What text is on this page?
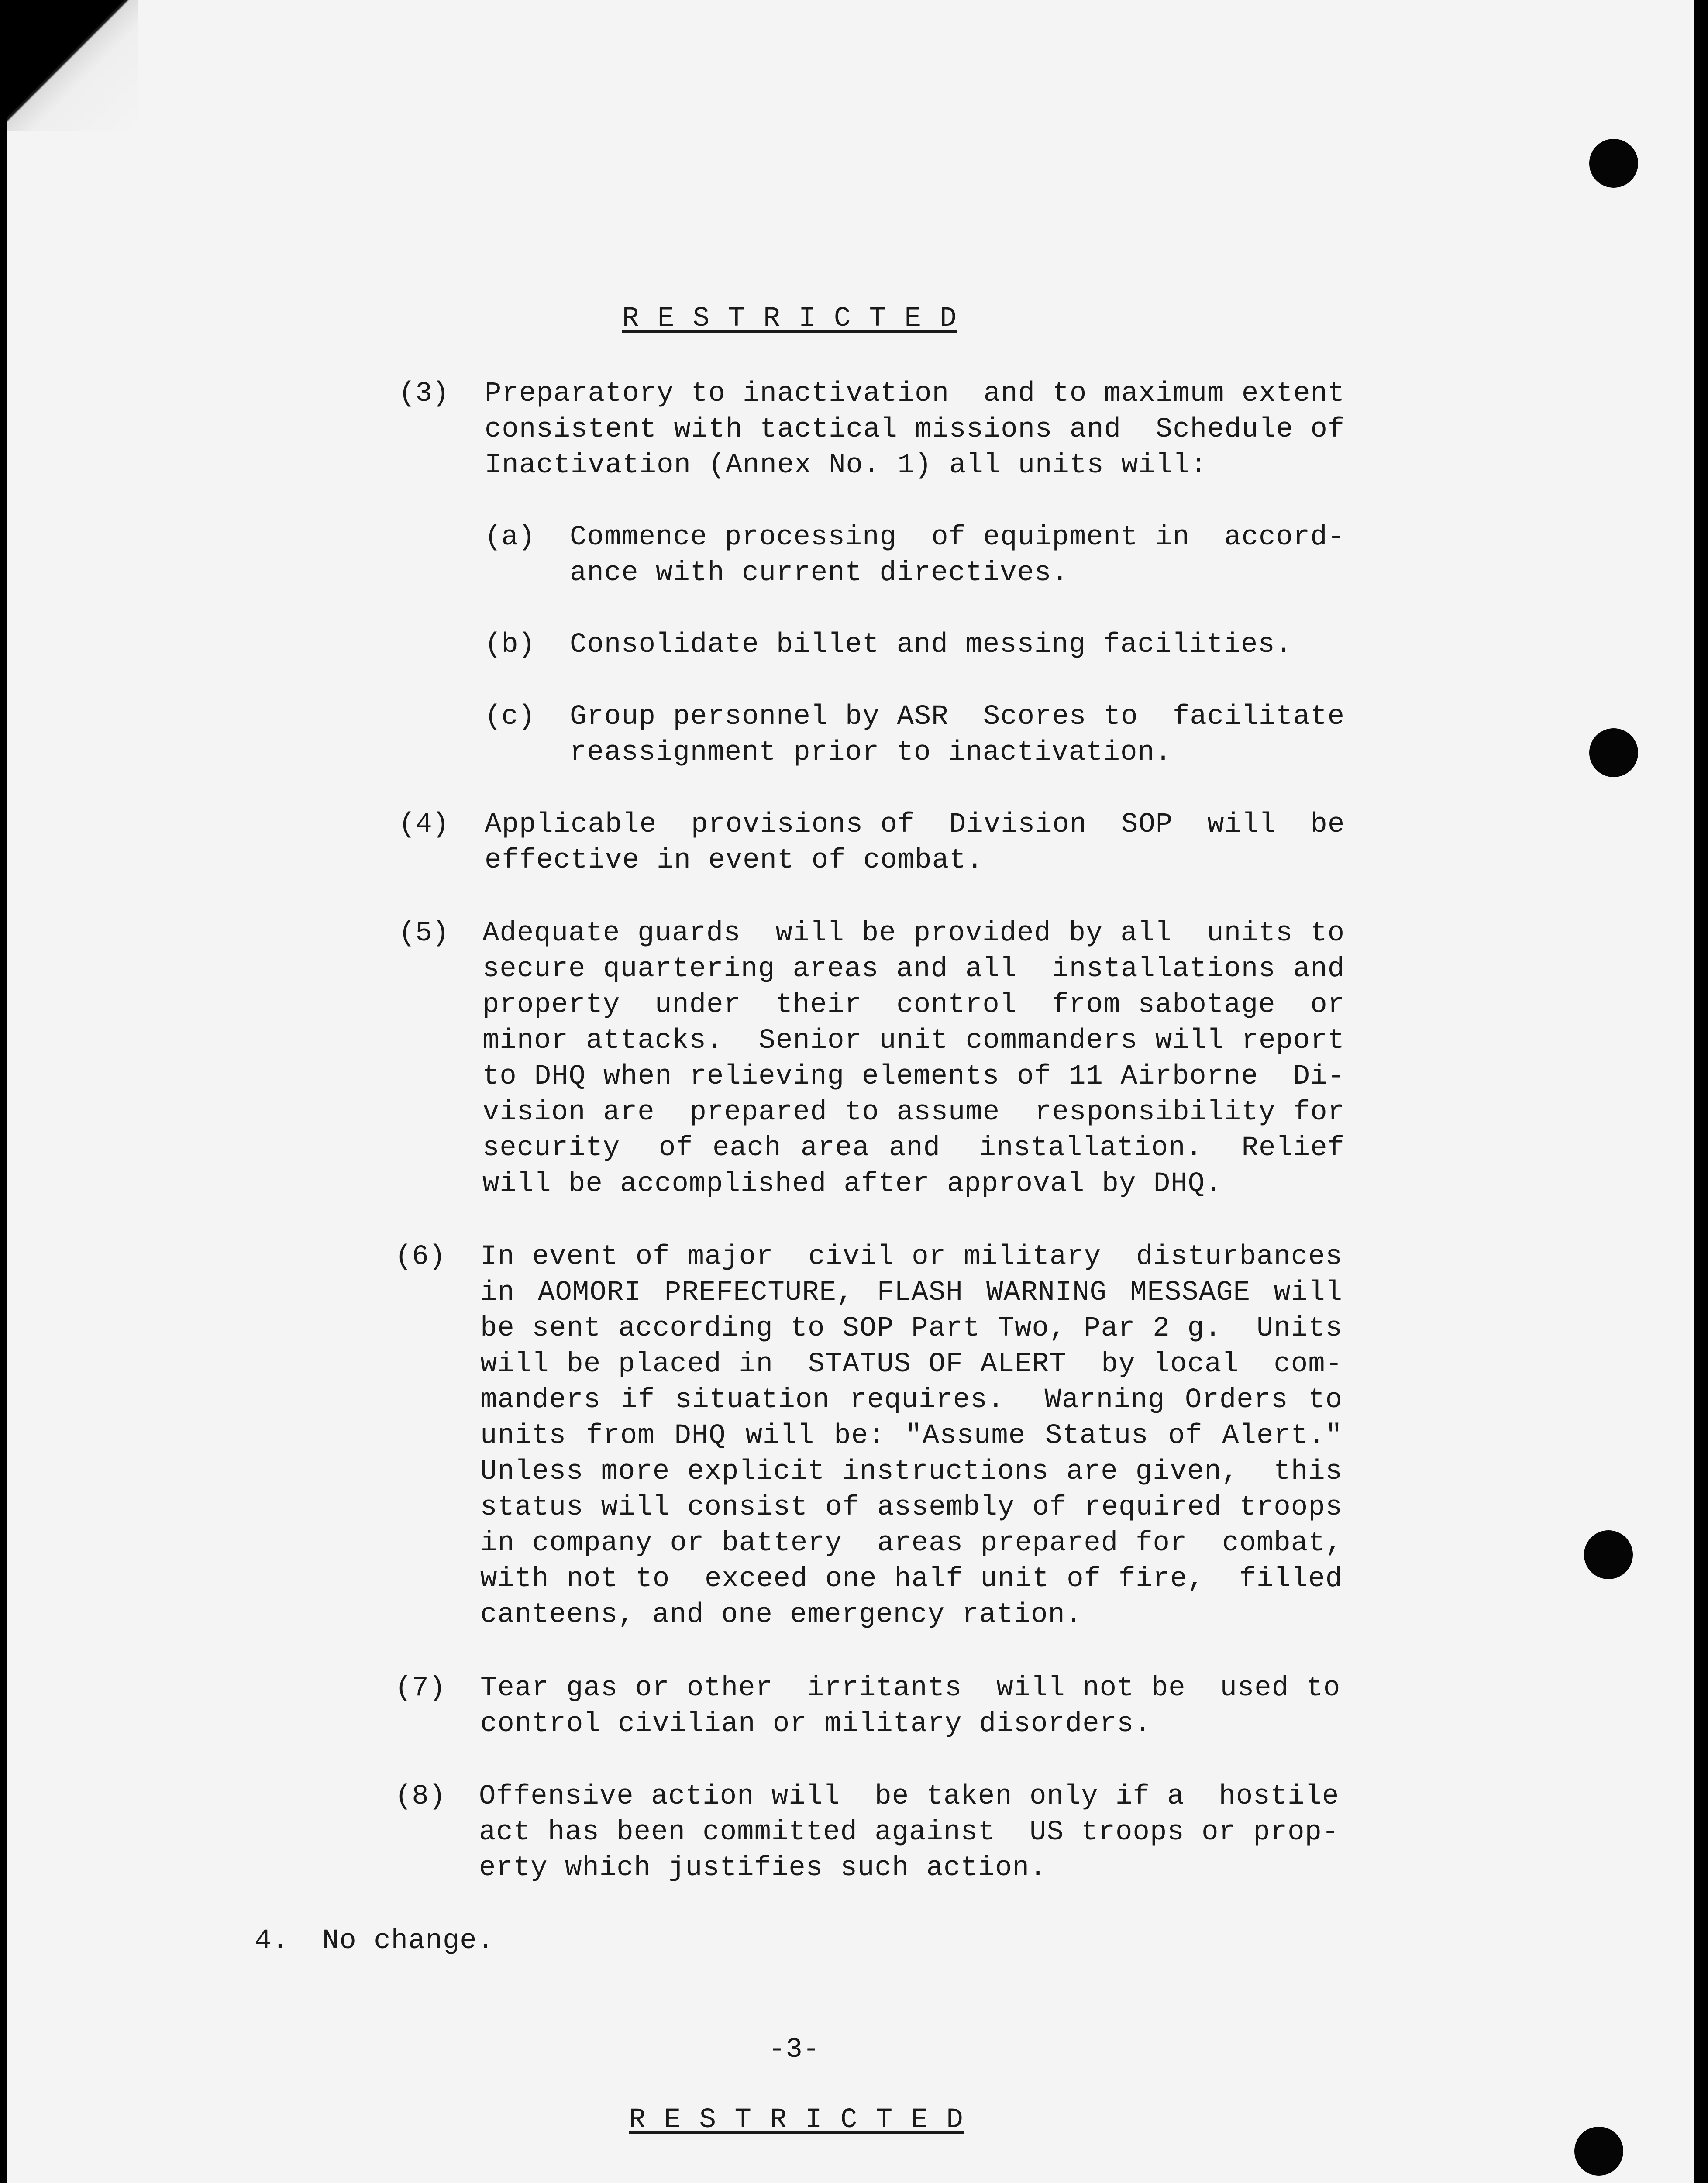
R E S T R I C T E D
(3) Preparatory to inactivation  and to maximum extent
consistent with tactical missions and  Schedule of
Inactivation (Annex No. 1) all units will:
(a) Commence processing  of equipment in  accord-
ance with current directives.
(b) Consolidate billet and messing facilities.
(c) Group personnel by ASR  Scores to  facilitate
reassignment prior to inactivation.
(4) Applicable  provisions of  Division  SOP  will  be
effective in event of combat.
(5) Adequate guards  will be provided by all  units to
secure quartering areas and all  installations and
property  under  their  control  from sabotage  or
minor attacks.  Senior unit commanders will report
to DHQ when relieving elements of 11 Airborne  Di-
vision are  prepared to assume  responsibility for
security  of each area and  installation.  Relief
will be accomplished after approval by DHQ.
(6) In event of major  civil or military  disturbances
in AOMORI PREFECTURE, FLASH WARNING MESSAGE will
be sent according to SOP Part Two, Par 2 g.  Units
will be placed in  STATUS OF ALERT  by local  com-
manders if situation requires.  Warning Orders to
units from DHQ will be: "Assume Status of Alert."
Unless more explicit instructions are given,  this
status will consist of assembly of required troops
in company or battery  areas prepared for  combat,
with not to  exceed one half unit of fire,  filled
canteens, and one emergency ration.
(7) Tear gas or other  irritants  will not be  used to
control civilian or military disorders.
(8) Offensive action will  be taken only if a  hostile
act has been committed against  US troops or prop-
erty which justifies such action.
4. No change.
-3-
R E S T R I C T E D
